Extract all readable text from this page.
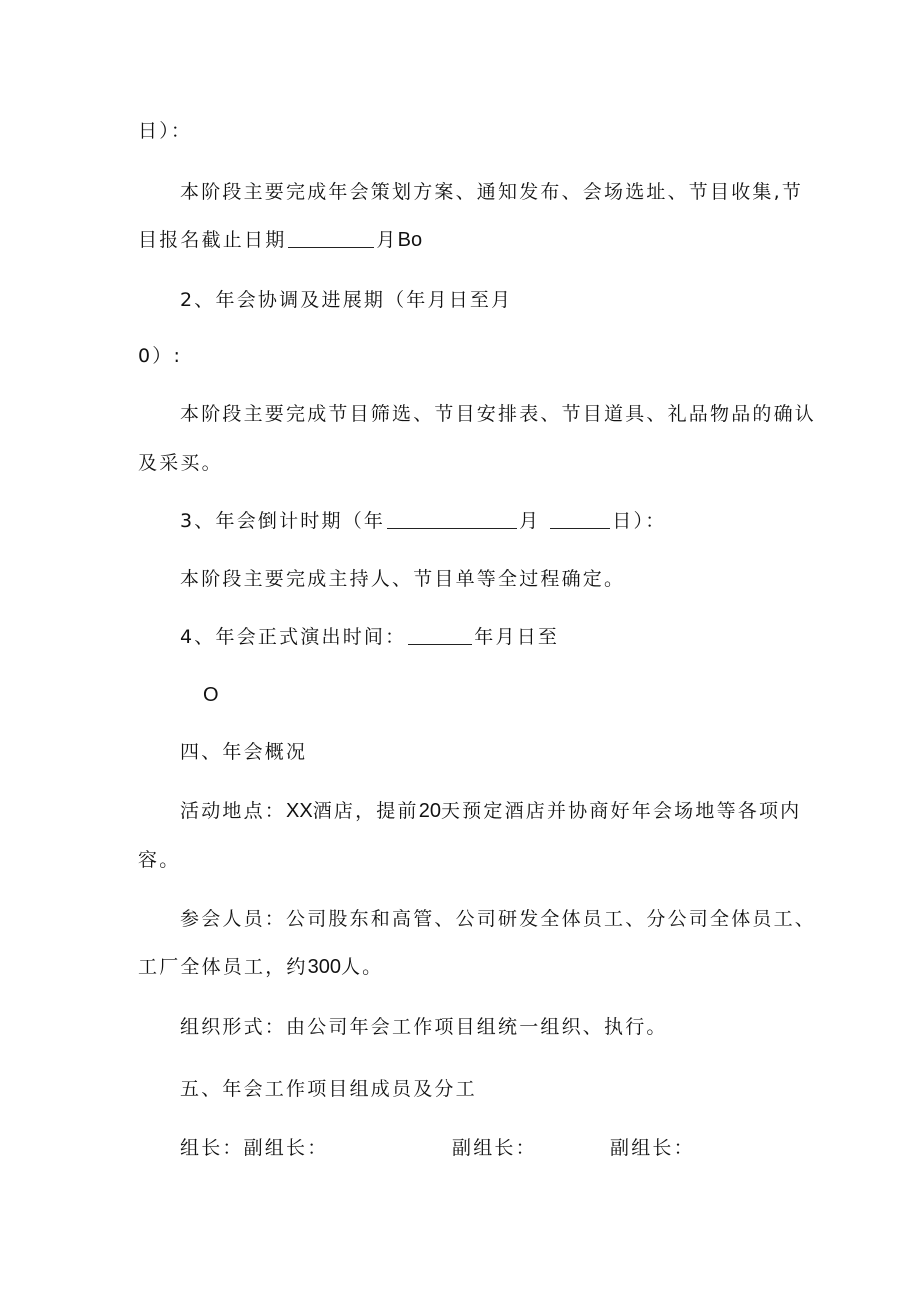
日）：
本阶段主要完成年会策划方案、通知发布、会场选址、节目收集,节
目报名截止日期	月Bo
2、年会协调及进展期（年月日至月
0）:
本阶段主要完成节目筛选、节目安排表、节目道具、礼品物品的确认
及采买。
3、年会倒计时期（年	月	日）：
本阶段主要完成主持人、节目单等全过程确定。
4、年会正式演出时间：	年月日至
O
四、年会概况
活动地点：XX酒店，提前20天预定酒店并协商好年会场地等各项内
容。
参会人员：公司股东和高管、公司研发全体员工、分公司全体员工、
工厂全体员工，约300人。
组织形式：由公司年会工作项目组统一组织、执行。
五、年会工作项目组成员及分工
组长：副组长：	副组长：	副组长：
